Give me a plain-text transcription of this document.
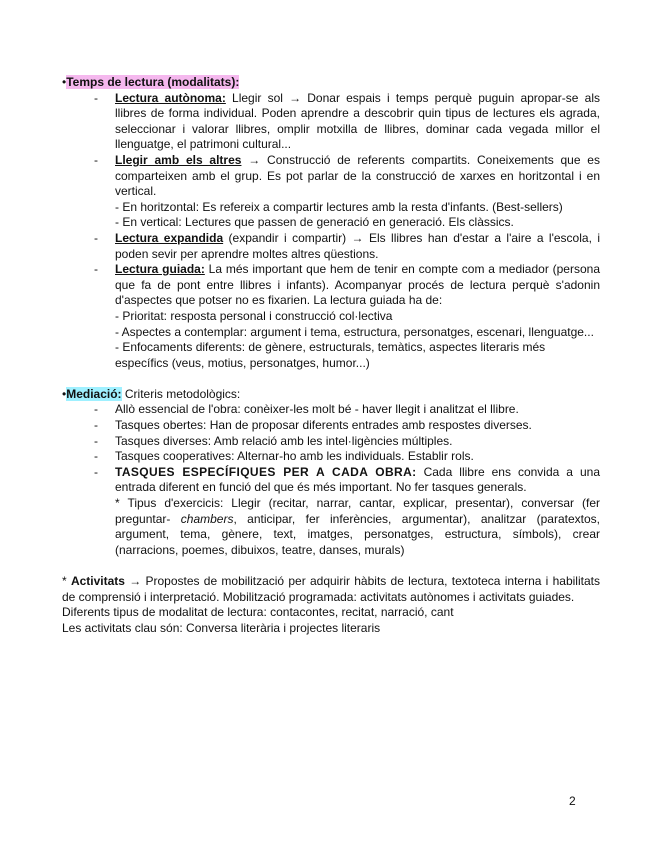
•Temps de lectura (modalitats):
- Lectura autònoma: Llegir sol → Donar espais i temps perquè puguin apropar-se als llibres de forma individual. Poden aprendre a descobrir quin tipus de lectures els agrada, seleccionar i valorar llibres, omplir motxilla de llibres, dominar cada vegada millor el llenguatge, el patrimoni cultural...
- Llegir amb els altres → Construcció de referents compartits. Coneixements que es comparteixen amb el grup. Es pot parlar de la construcció de xarxes en horitzontal i en vertical.
- En horitzontal: Es refereix a compartir lectures amb la resta d'infants. (Best-sellers)
- En vertical: Lectures que passen de generació en generació. Els clàssics.
- Lectura expandida (expandir i compartir) → Els llibres han d'estar a l'aire a l'escola, i poden sevir per aprendre moltes altres qüestions.
- Lectura guiada: La més important que hem de tenir en compte com a mediador (persona que fa de pont entre llibres i infants). Acompanyar procés de lectura perquè s'adonin d'aspectes que potser no es fixarien. La lectura guiada ha de:
- Prioritat: resposta personal i construcció col·lectiva
- Aspectes a contemplar: argument i tema, estructura, personatges, escenari, llenguatge...
- Enfocaments diferents: de gènere, estructurals, temàtics, aspectes literaris més específics (veus, motius, personatges, humor...)
•Mediació: Criteris metodològics:
- Allò essencial de l'obra: conèixer-les molt bé - haver llegit i analitzat el llibre.
- Tasques obertes: Han de proposar diferents entrades amb respostes diverses.
- Tasques diverses: Amb relació amb les intel·ligències múltiples.
- Tasques cooperatives: Alternar-ho amb les individuals. Establir rols.
- TASQUES ESPECÍFIQUES PER A CADA OBRA: Cada llibre ens convida a una entrada diferent en funció del que és més important. No fer tasques generals.
* Tipus d'exercicis: Llegir (recitar, narrar, cantar, explicar, presentar), conversar (fer preguntar- chambers, anticipar, fer inferències, argumentar), analitzar (paratextos, argument, tema, gènere, text, imatges, personatges, estructura, símbols), crear (narracions, poemes, dibuixos, teatre, danses, murals)
* Activitats → Propostes de mobilització per adquirir hàbits de lectura, textoteca interna i habilitats de comprensió i interpretació. Mobilització programada: activitats autònomes i activitats guiades.
Diferents tipus de modalitat de lectura: contacontes, recitat, narració, cant
Les activitats clau són: Conversa literària i projectes literaris
2
